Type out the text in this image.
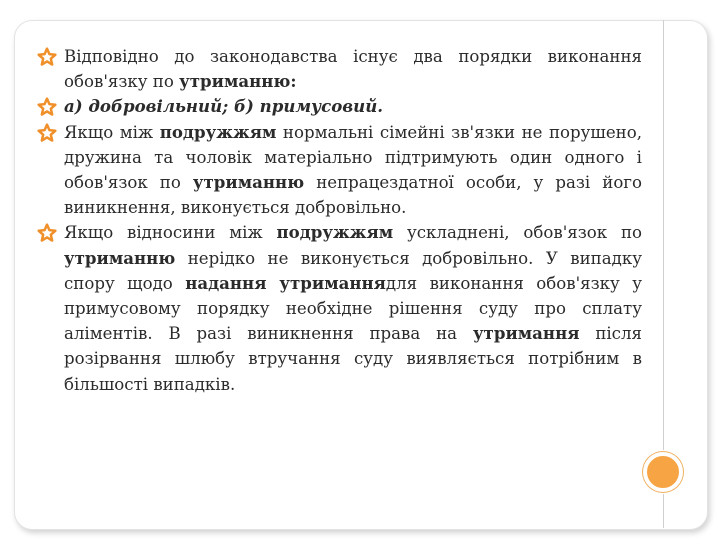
Відповідно до законодавства існує два порядки виконання обов'язку по утриманню:
а) добровільний; б) примусовий.
Якщо між подружжям нормальні сімейні зв'язки не порушено, дружина та чоловік матеріально підтримують один одного і обов'язок по утриманню непрацездатної особи, у разі його виникнення, виконується добровільно.
Якщо відносини між подружжям ускладнені, обов'язок по утриманню нерідко не виконується добровільно. У випадку спору щодо надання утриманнядля виконання обов'язку у примусовому порядку необхідне рішення суду про сплату аліментів. В разі виникнення права на утримання після розірвання шлюбу втручання суду виявляється потрібним в більшості випадків.
